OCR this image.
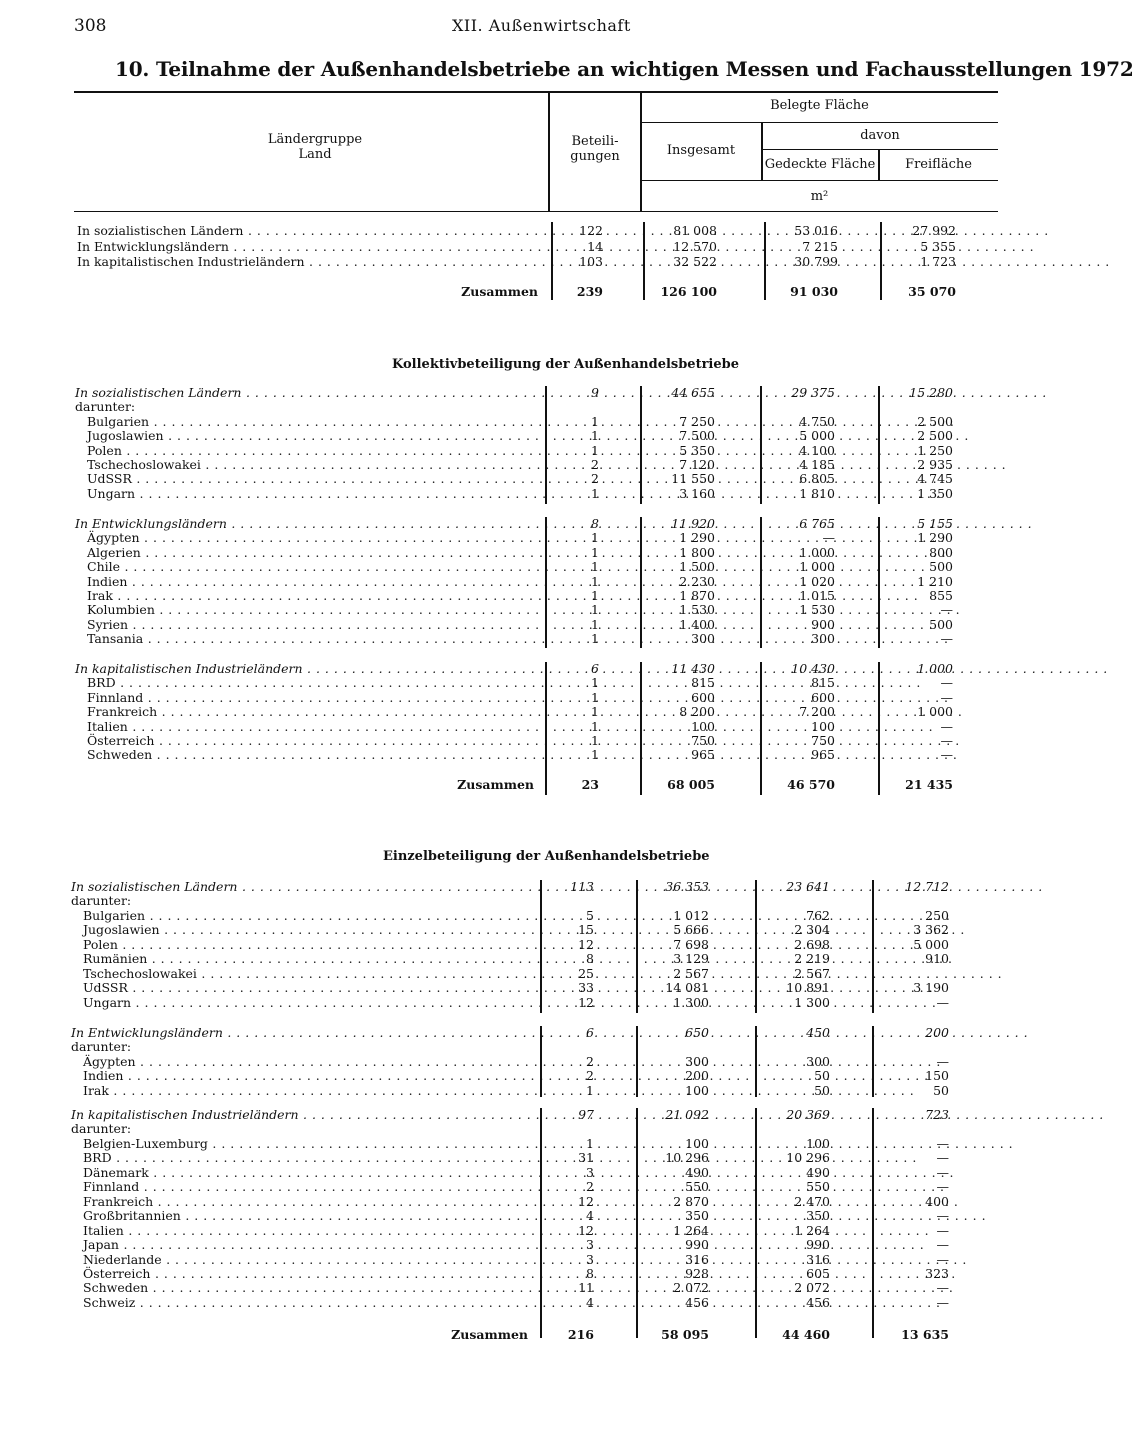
308	XII. Außenwirtschaft
10. Teilnahme der Außenhandelsbetriebe an wichtigen Messen und Fachausstellungen 1972
Ländergruppe
Land
Beteili-
gungen
Belegte Fläche
Insgesamt
davon
Gedeckte Fläche	Freifläche
m²
Kollektivbeteiligung der Außenhandelsbetriebe
Einzelbeteiligung der Außenhandelsbetriebe
In sozialistischen Ländern . . .	122	81 008	53 016	27 992
In Entwicklungsländern . . .	14	12 570	7 215	5 355
In kapitalistischen Industrieländern . . .	103	32 522	30 799	1 723
Zusammen	239	126 100	91 030	35 070
In sozialistischen Ländern . . .	9	44 655	29 375	15 280
darunter:
Bulgarien . . .	1	7 250	4 750	2 500
Jugoslawien . . .	1	7 500	5 000	2 500
Polen . . .	1	5 350	4 100	1 250
Tschechoslowakei . . .	2	7 120	4 185	2 935
UdSSR . . .	2	11 550	6 805	4 745
Ungarn . . .	1	3 160	1 810	1 350
In Entwicklungsländern . . .	8	11 920	6 765	5 155
Ägypten . . .	1	1 290	—	1 290
Algerien . . .	1	1 800	1 000	800
Chile . . .	1	1 500	1 000	500
Indien . . .	1	2 230	1 020	1 210
Irak . . .	1	1 870	1 015	855
Kolumbien . . .	1	1 530	1 530	—
Syrien . . .	1	1 400	900	500
Tansania . . .	1	300	300	—
In kapitalistischen Industrieländern . . .	6	11 430	10 430	1 000
BRD . . .	1	815	815	—
Finnland . . .	1	600	600	—
Frankreich . . .	1	8 200	7 200	1 000
Italien . . .	1	100	100	—
Österreich . . .	1	750	750	—
Schweden . . .	1	965	965	—
Zusammen	23	68 005	46 570	21 435
In sozialistischen Ländern . . .	113	36 353	23 641	12 712
darunter:
Bulgarien . . .	5	1 012	762	250
Jugoslawien . . .	15	5 666	2 304	3 362
Polen . . .	12	7 698	2 698	5 000
Rumänien . . .	8	3 129	2 219	910
Tschechoslowakei . . .	25	2 567	2 567
UdSSR . . .	33	14 081	10 891	3 190
Ungarn . . .	12	1 300	1 300	—
In Entwicklungsländern . . .	6	650	450	200
darunter:
Ägypten . . .	2	300	300	—
Indien . . .	2	200	50	150
Irak . . .	1	100	50	50
In kapitalistischen Industrieländern . . .	97	21 092	20 369	723
darunter:
Belgien-Luxemburg . . .	1	100	100	—
BRD . . .	31	10 296	10 296	—
Dänemark . . .	3	490	490	—
Finnland . . .	2	550	550	—
Frankreich . . .	12	2 870	2 470	400
Großbritannien . . .	4	350	350	—
Italien . . .	12	1 264	1 264	—
Japan . . .	3	990	990	—
Niederlande . . .	3	316	316	—
Österreich . . .	8	928	605	323
Schweden . . .	11	2 072	2 072	—
Schweiz . . .	4	456	456	—
Zusammen	216	58 095	44 460	13 635
